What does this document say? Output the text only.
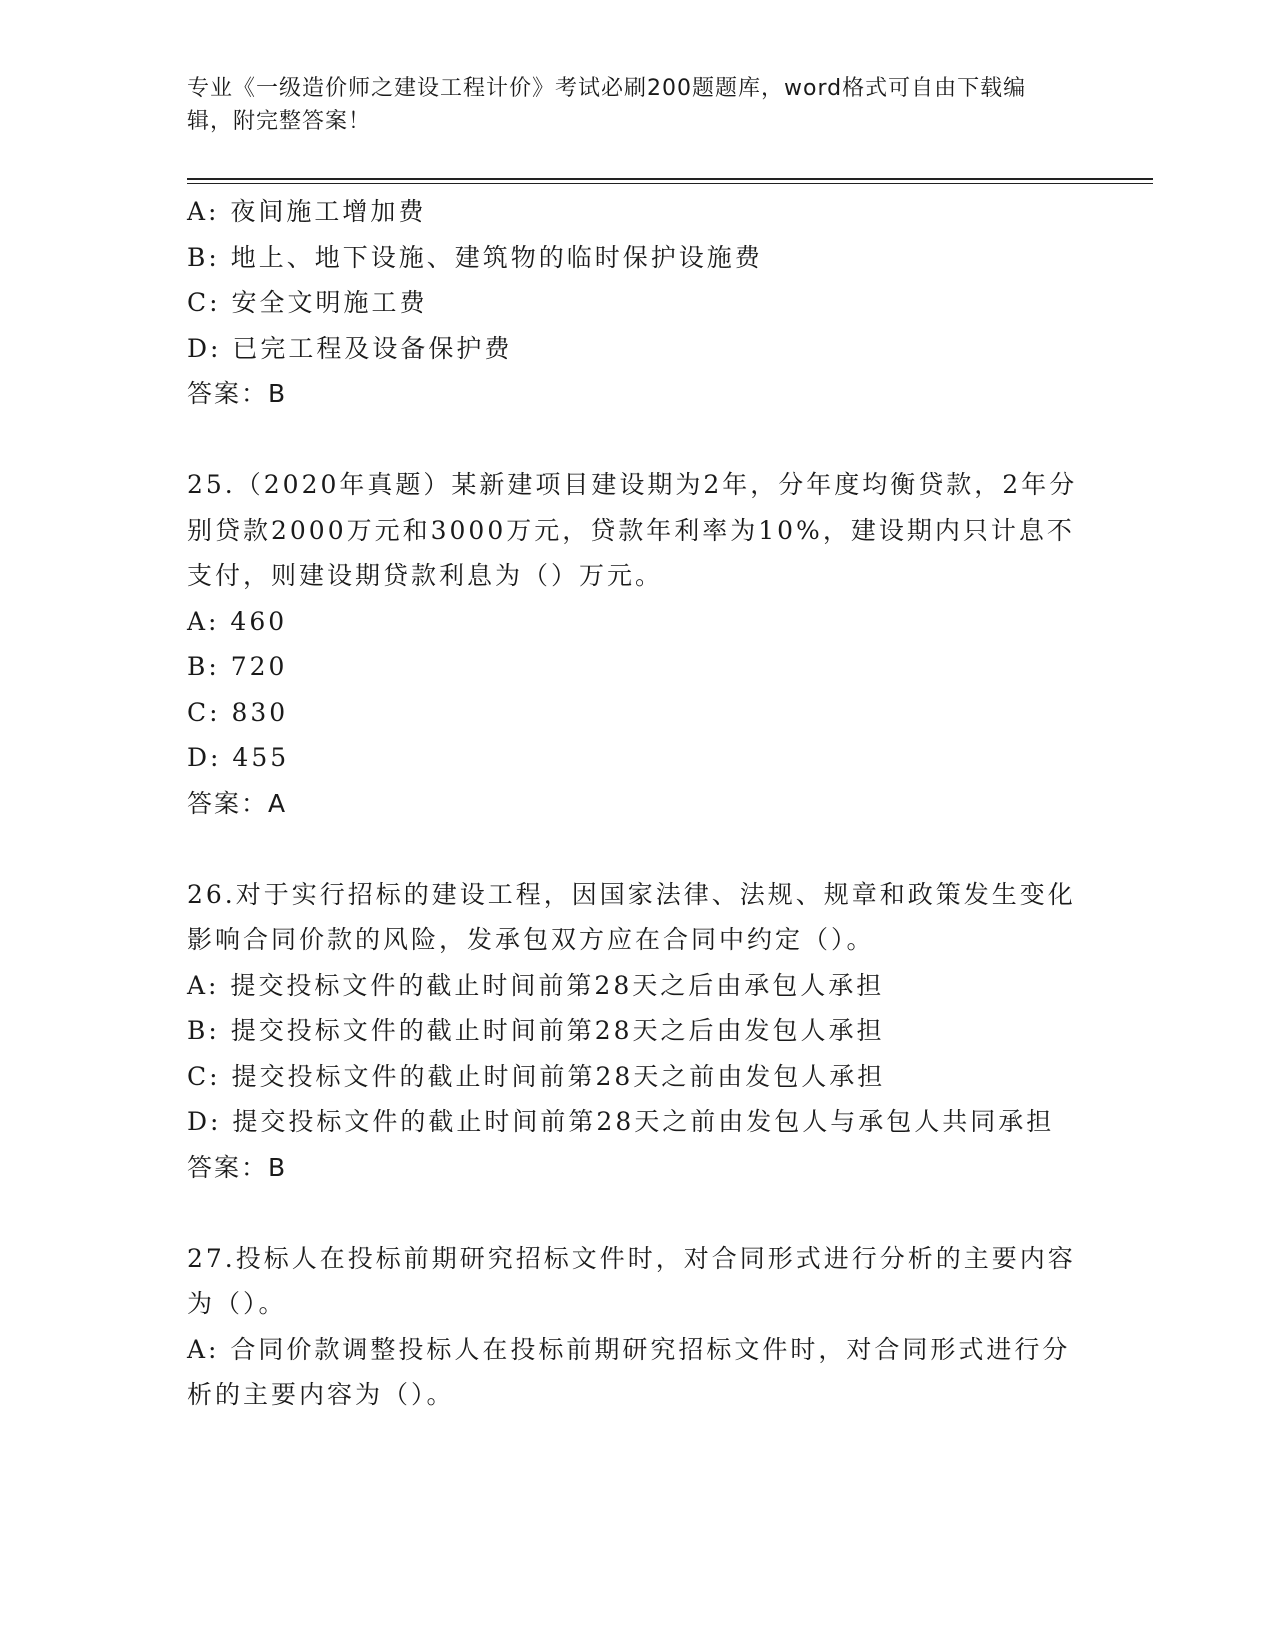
专业《一级造价师之建设工程计价》考试必刷200题题库，word格式可自由下载编辑，附完整答案！
A: 夜间施工增加费
B: 地上、地下设施、建筑物的临时保护设施费
C: 安全文明施工费
D: 已完工程及设备保护费
答案：B
25.（2020年真题）某新建项目建设期为2年，分年度均衡贷款，2年分别贷款2000万元和3000万元，贷款年利率为10%，建设期内只计息不支付，则建设期贷款利息为（）万元。
A: 460
B: 720
C: 830
D: 455
答案：A
26.对于实行招标的建设工程，因国家法律、法规、规章和政策发生变化影响合同价款的风险，发承包双方应在合同中约定（）。
A: 提交投标文件的截止时间前第28天之后由承包人承担
B: 提交投标文件的截止时间前第28天之后由发包人承担
C: 提交投标文件的截止时间前第28天之前由发包人承担
D: 提交投标文件的截止时间前第28天之前由发包人与承包人共同承担
答案：B
27.投标人在投标前期研究招标文件时，对合同形式进行分析的主要内容为（）。
A: 合同价款调整投标人在投标前期研究招标文件时，对合同形式进行分析的主要内容为（）。
